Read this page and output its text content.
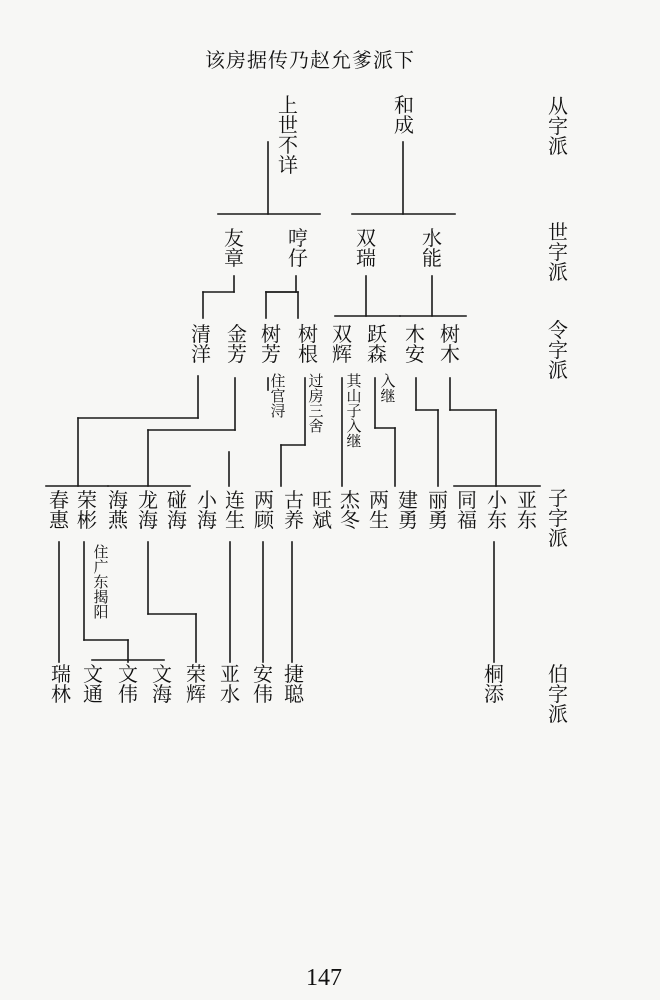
该房据传乃赵允爹派下
从
字
派
世
字
派
令
字
派
子
字
派
伯
字
派
上
世
不
详
和
成
友
章
哼
仔
双
瑞
水
能
清
洋
金
芳
树
芳
树
根
双
辉
跃
森
木
安
树
木
住
官
浔
过
房
三
舍
其
山
子
入
继
入
继
住
广
东
揭
阳
春
惠
荣
彬
海
燕
龙
海
碰
海
小
海
连
生
两
顾
古
养
旺
斌
杰
冬
两
生
建
勇
丽
勇
同
福
小
东
亚
东
瑞
林
文
通
文
伟
文
海
荣
辉
亚
水
安
伟
捷
聪
桐
添
147
